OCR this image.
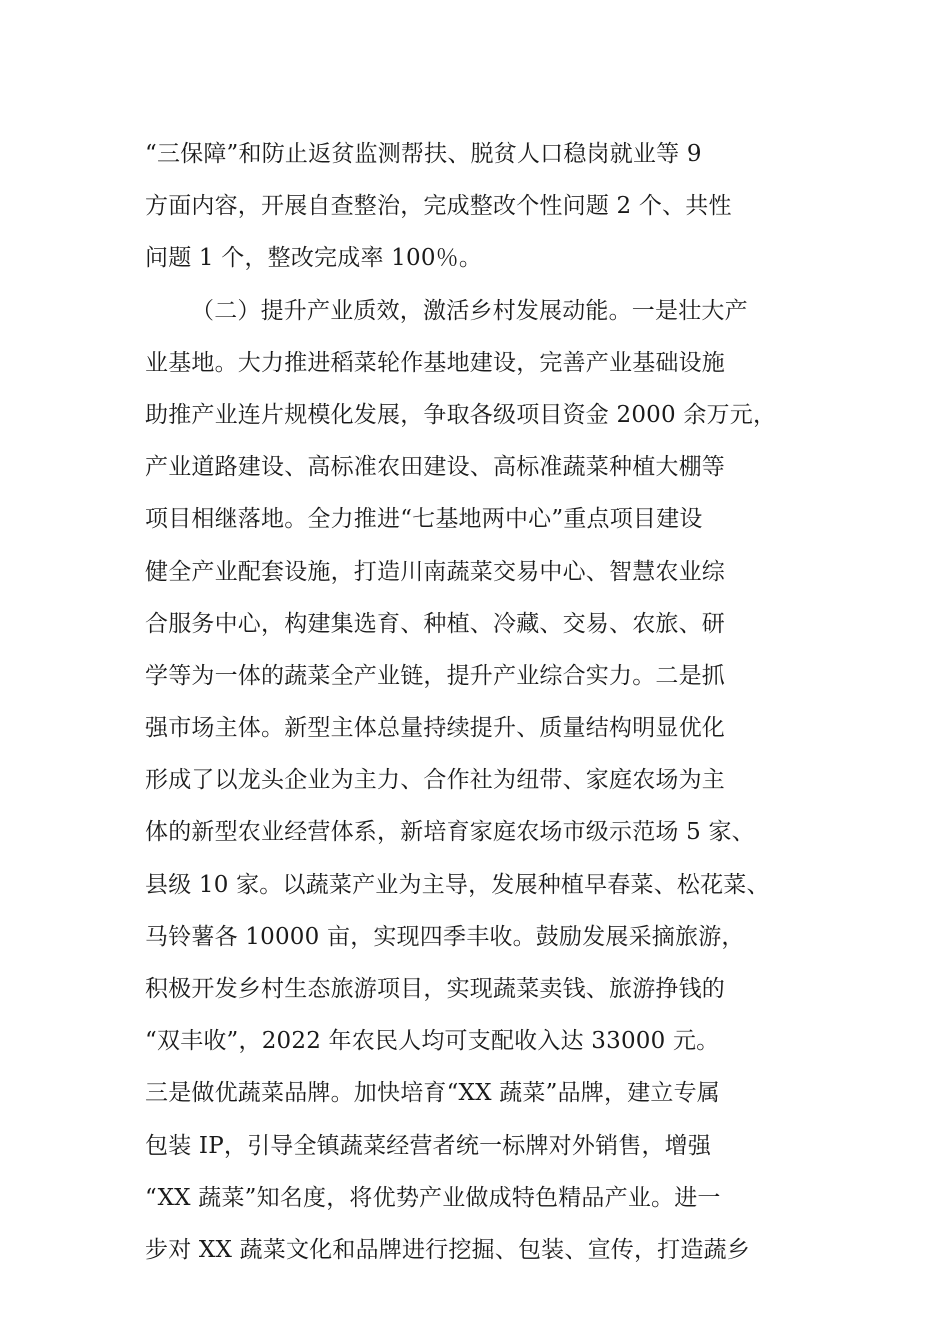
“三保障”和防止返贫监测帮扶、脱贫人口稳岗就业等 9
方面内容，开展自查整治，完成整改个性问题 2 个、共性
问题 1 个，整改完成率 100％。
（二）提升产业质效，激活乡村发展动能。一是壮大产
业基地。大力推进稻菜轮作基地建设，完善产业基础设施
助推产业连片规模化发展，争取各级项目资金 2000 余万元，
产业道路建设、高标准农田建设、高标准蔬菜种植大棚等
项目相继落地。全力推进“七基地两中心”重点项目建设
健全产业配套设施，打造川南蔬菜交易中心、智慧农业综
合服务中心，构建集选育、种植、冷藏、交易、农旅、研
学等为一体的蔬菜全产业链，提升产业综合实力。二是抓
强市场主体。新型主体总量持续提升、质量结构明显优化
形成了以龙头企业为主力、合作社为纽带、家庭农场为主
体的新型农业经营体系，新培育家庭农场市级示范场 5 家、
县级 10 家。以蔬菜产业为主导，发展种植早春菜、松花菜、
马铃薯各 10000 亩，实现四季丰收。鼓励发展采摘旅游，
积极开发乡村生态旅游项目，实现蔬菜卖钱、旅游挣钱的
“双丰收”，2022 年农民人均可支配收入达 33000 元。
三是做优蔬菜品牌。加快培育“XX 蔬菜”品牌，建立专属
包装 IP，引导全镇蔬菜经营者统一标牌对外销售，增强
“XX 蔬菜”知名度，将优势产业做成特色精品产业。进一
步对 XX 蔬菜文化和品牌进行挖掘、包装、宣传，打造蔬乡
